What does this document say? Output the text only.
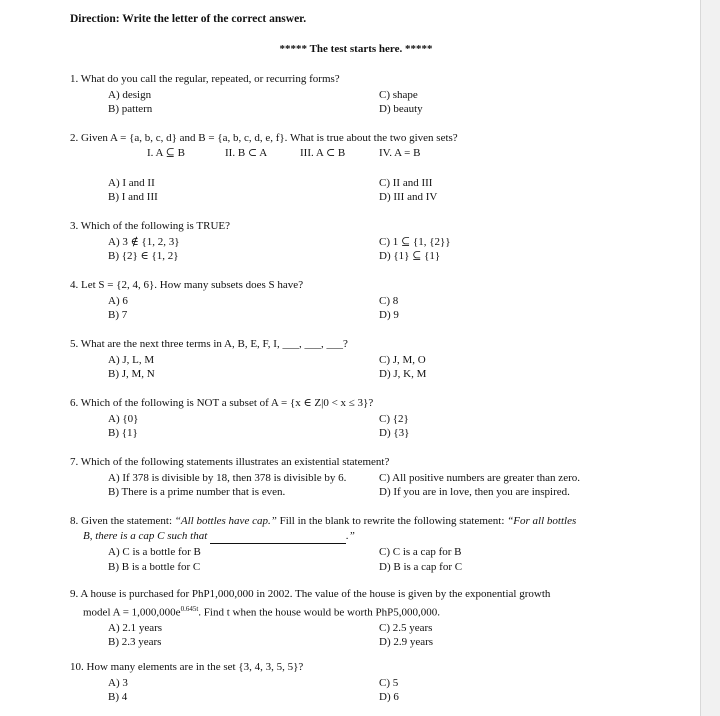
Direction: Write the letter of the correct answer.
***** The test starts here. *****
1. What do you call the regular, repeated, or recurring forms?
A) design
B) pattern
C) shape
D) beauty
2. Given A = {a, b, c, d} and B = {a, b, c, d, e, f}. What is true about the two given sets?
I. A ⊆ B	II. B ⊂ A	III. A ⊂ B	IV. A = B
A) I and II
B) I and III
C) II and III
D) III and IV
3. Which of the following is TRUE?
A) 3 ∉ {1, 2, 3}
B) {2} ∈ {1, 2}
C) 1 ⊆ {1, {2}}
D) {1} ⊆ {1}
4. Let S = {2, 4, 6}. How many subsets does S have?
A) 6
B) 7
C) 8
D) 9
5. What are the next three terms in A, B, E, F, I, ___, ___, ___?
A) J, L, M
B) J, M, N
C) J, M, O
D) J, K, M
6. Which of the following is NOT a subset of A = {x ∈ Z|0 < x ≤ 3}?
A) {0}
B) {1}
C) {2}
D) {3}
7. Which of the following statements illustrates an existential statement?
A) If 378 is divisible by 18, then 378 is divisible by 6.
B) There is a prime number that is even.
C) All positive numbers are greater than zero.
D) If you are in love, then you are inspired.
8. Given the statement: “All bottles have cap.” Fill in the blank to rewrite the following statement: “For all bottles
B, there is a cap C such that	.”
A) C is a bottle for B
B) B is a bottle for C
C) C is a cap for B
D) B is a cap for C
9. A house is purchased for PhP1,000,000 in 2002. The value of the house is given by the exponential growth
model $A = 1,000,000e^{0.645t}$. Find t when the house would be worth PhP5,000,000.
A) 2.1 years
B) 2.3 years
C) 2.5 years
D) 2.9 years
10. How many elements are in the set {3, 4, 3, 5, 5}?
A) 3
B) 4
C) 5
D) 6
